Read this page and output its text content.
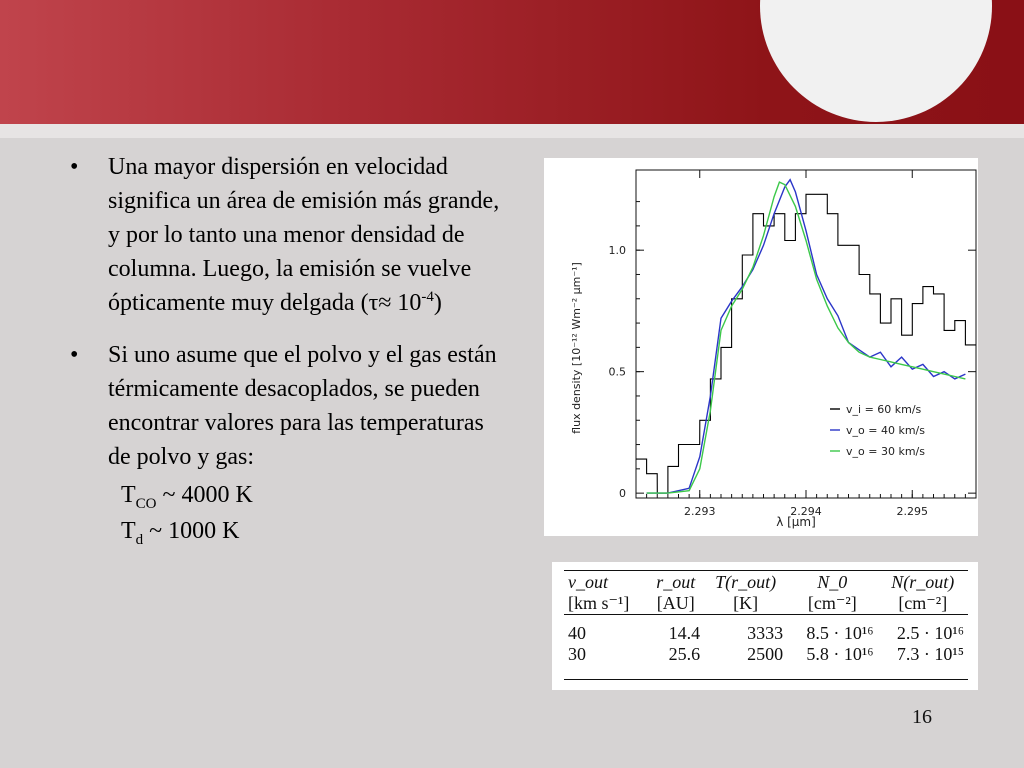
• Una mayor dispersión en velocidad significa un área de emisión más grande, y por lo tanto una menor densidad de columna. Luego, la emisión se vuelve ópticamente muy delgada $(\tau\approx 10^{-4})$
• Si uno asume que el polvo y el gas están térmicamente desacoplados, se pueden encontrar valores para las temperaturas de polvo y gas:
$T_{CO}$ ~ 4000 K
$T_d$ ~ 1000 K
flux density [10⁻¹² Wm⁻² μm⁻¹]
λ [μm]
2.293	2.294	2.295
0
0.5
1.0
v_i = 60 km/s
v_o = 40 km/s
v_o = 30 km/s
v_out	r_out	T(r_out)	N_0	N(r_out)
[km s⁻¹]	[AU]	[K]	[cm⁻²]	[cm⁻²]
40	14.4	3333	8.5 · 10¹⁶	2.5 · 10¹⁶
30	25.6	2500	5.8 · 10¹⁶	7.3 · 10¹⁵
16
